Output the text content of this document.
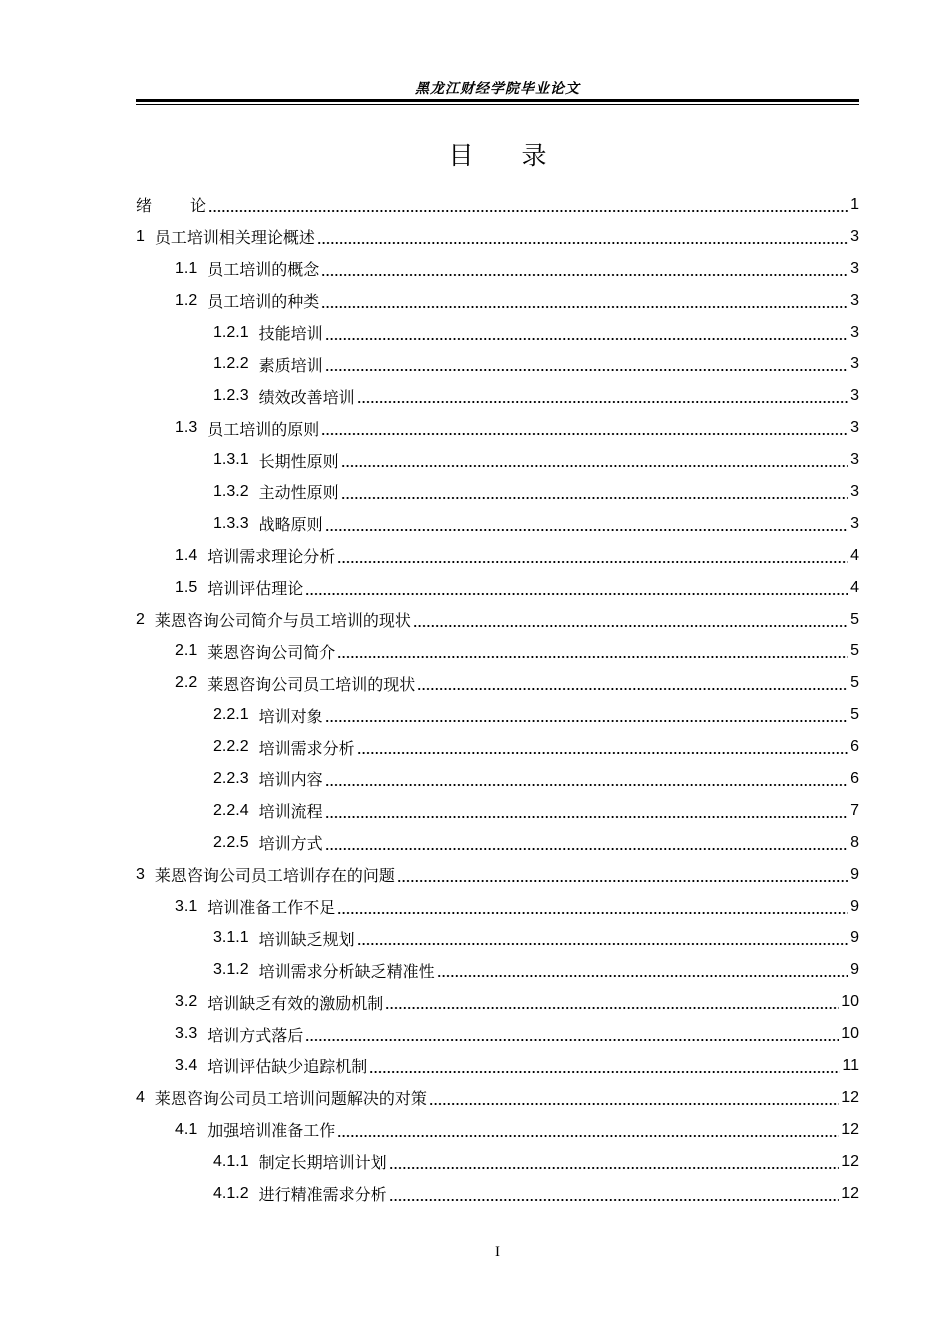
黑龙江财经学院毕业论文
目录
绪论	1
1 员工培训相关理论概述	3
1.1 员工培训的概念	3
1.2 员工培训的种类	3
1.2.1 技能培训	3
1.2.2 素质培训	3
1.2.3 绩效改善培训	3
1.3 员工培训的原则	3
1.3.1 长期性原则	3
1.3.2 主动性原则	3
1.3.3 战略原则	3
1.4 培训需求理论分析	4
1.5 培训评估理论	4
2 莱恩咨询公司简介与员工培训的现状	5
2.1 莱恩咨询公司简介	5
2.2 莱恩咨询公司员工培训的现状	5
2.2.1 培训对象	5
2.2.2 培训需求分析	6
2.2.3 培训内容	6
2.2.4 培训流程	7
2.2.5 培训方式	8
3 莱恩咨询公司员工培训存在的问题	9
3.1 培训准备工作不足	9
3.1.1 培训缺乏规划	9
3.1.2 培训需求分析缺乏精准性	9
3.2 培训缺乏有效的激励机制	10
3.3 培训方式落后	10
3.4 培训评估缺少追踪机制	11
4 莱恩咨询公司员工培训问题解决的对策	12
4.1 加强培训准备工作	12
4.1.1 制定长期培训计划	12
4.1.2 进行精准需求分析	12
I
